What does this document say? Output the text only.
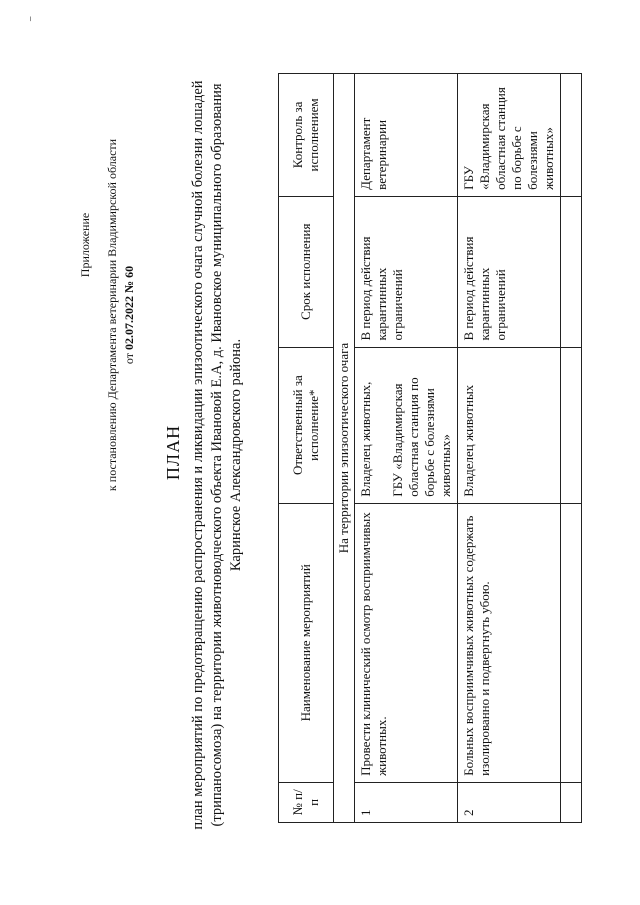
–
Приложение к постановлению Департамента ветеринарии Владимирской области от 02.07.2022 № 60
ПЛАН план мероприятий по предотвращению распространения и ликвидации эпизоотического очага случной болезни лошадей (трипаносомоза) на территории животноводческого объекта Ивановой Е.А, д. Ивановское муниципального образования Каринское Александровского района.
№ п/п	Наименование мероприятий	Ответственный за исполнение*	Срок исполнения	Контроль за исполнением
На территории эпизоотического очага				
1	Провести клинический осмотр восприимчивых животных.	Владелец животных, ГБУ «Владимирская областная станция по борьбе с болезнями животных»	В период действия карантинных ограничений	Департамент ветеринарии
2	Больных восприимчивых животных содержать изолированно и подвергнуть убою.	Владелец животных	В период действия карантинных ограничений	ГБУ «Владимирская областная станция по борьбе с болезнями животных»
